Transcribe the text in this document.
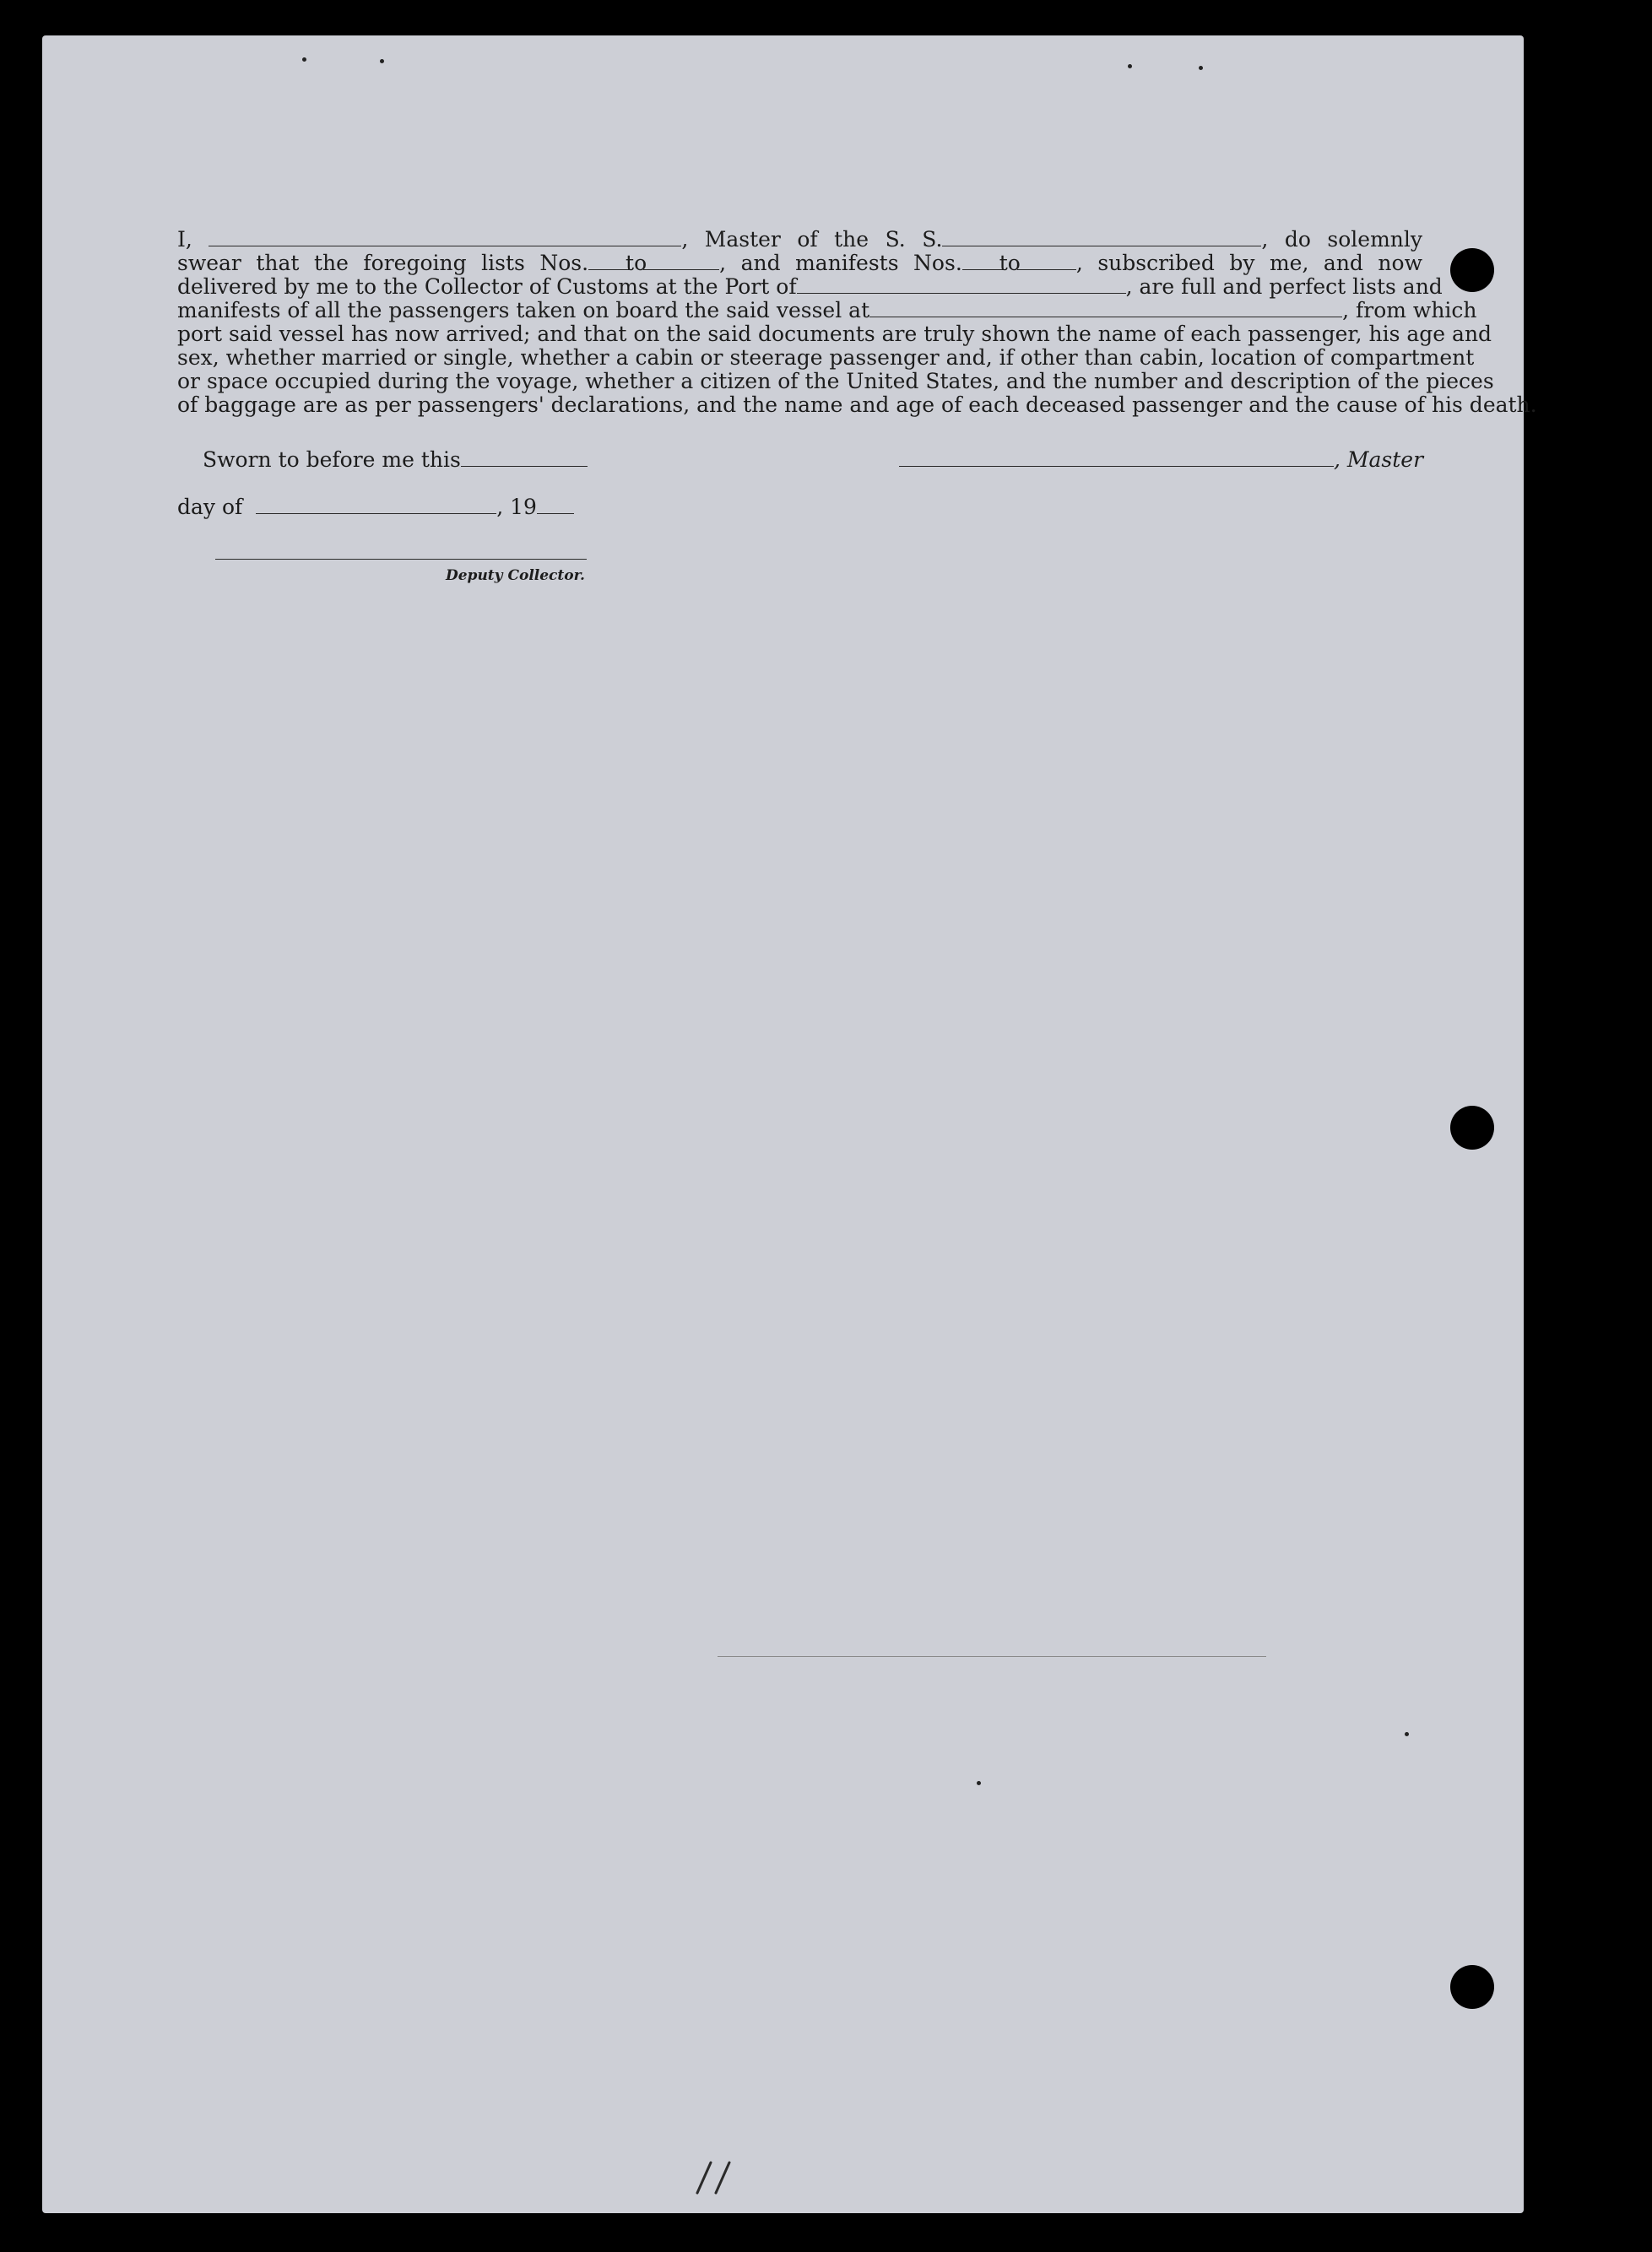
I,	, Master of the S. S.	, do solemnly
swear that the foregoing lists Nos. to	, and manifests Nos. to	, subscribed by me, and now
delivered by me to the Collector of Customs at the Port of	, are full and perfect lists and
manifests of all the passengers taken on board the said vessel at	, from which
port said vessel has now arrived; and that on the said documents are truly shown the name of each passenger, his age and
sex, whether married or single, whether a cabin or steerage passenger and, if other than cabin, location of compartment
or space occupied during the voyage, whether a citizen of the United States, and the number and description of the pieces
of baggage are as per passengers' declarations, and the name and age of each deceased passenger and the cause of his death.
Sworn to before me this	, Master
day of	, 19
Deputy Collector.
